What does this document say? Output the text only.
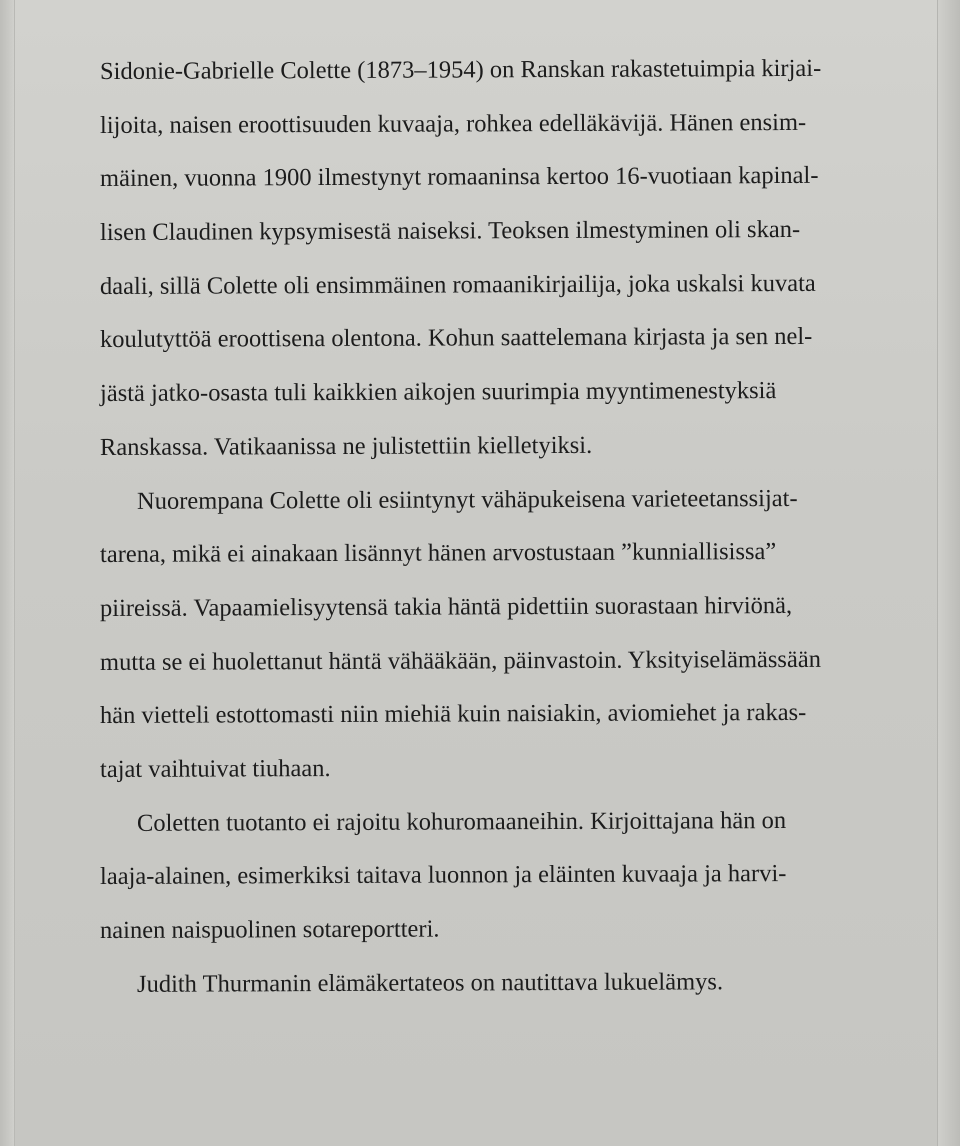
Sidonie-Gabrielle Colette (1873–1954) on Ranskan rakastetuimpia kirjai-
lijoita, naisen eroottisuuden kuvaaja, rohkea edelläkävijä. Hänen ensim-
mäinen, vuonna 1900 ilmestynyt romaaninsa kertoo 16-vuotiaan kapinal-
lisen Claudinen kypsymisestä naiseksi. Teoksen ilmestyminen oli skan-
daali, sillä Colette oli ensimmäinen romaanikirjailija, joka uskalsi kuvata
koulutyttöä eroottisena olentona. Kohun saattelemana kirjasta ja sen nel-
jästä jatko-osasta tuli kaikkien aikojen suurimpia myyntimenestyksiä
Ranskassa. Vatikaanissa ne julistettiin kielletyiksi.
Nuorempana Colette oli esiintynyt vähäpukeisena varieteetanssijat-
tarena, mikä ei ainakaan lisännyt hänen arvostustaan ”kunniallisissa”
piireissä. Vapaamielisyytensä takia häntä pidettiin suorastaan hirviönä,
mutta se ei huolettanut häntä vähääkään, päinvastoin. Yksityiselämässään
hän vietteli estottomasti niin miehiä kuin naisiakin, aviomiehet ja rakas-
tajat vaihtuivat tiuhaan.
Coletten tuotanto ei rajoitu kohuromaaneihin. Kirjoittajana hän on
laaja-alainen, esimerkiksi taitava luonnon ja eläinten kuvaaja ja harvi-
nainen naispuolinen sotareportteri.
Judith Thurmanin elämäkertateos on nautittava lukuelämys.
